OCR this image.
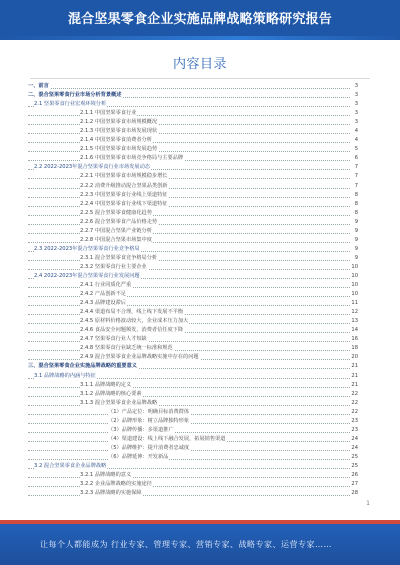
混合坚果零食企业实施品牌战略策略研究报告
内容目录
一、前言	3
二、混合坚果零食行业市场分析背景概述	3
2.1 坚果零食行业宏观环境分析	3
2.1.1 中国坚果零食行业	3
2.1.2 中国坚果零食市场规模概况	3
2.1.3 中国坚果零食市场发展现状	4
2.1.4 中国坚果零食消费者分析	4
2.1.5 中国坚果零食市场发展趋势	5
2.1.6 中国坚果零食市场竞争格局与主要品牌	6
2.2 2022-2023年混合坚果零食行业市场发展动态	7
2.2.1 中国坚果零食市场规模稳步增长	7
2.2.2 消费升级推动混合坚果品类创新	7
2.2.3 中国坚果零食行业线上渠道特征	8
2.2.4 中国坚果零食行业线下渠道特征	8
2.2.5 混合坚果零食健康化趋势	8
2.2.6 混合坚果零食产品价格走势	9
2.2.7 中国混合坚果产业链分析	9
2.2.8 中国混合坚果市场集中度	9
2.3 2022-2023年混合坚果零食行业竞争格局	9
2.3.1 混合坚果零食竞争格局分析	9
2.3.2 坚果零食行业主要企业	10
2.4 2022-2023年混合坚果零食行业发展问题	10
2.4.1 行业同质化严重	10
2.4.2 产品创新不足	10
2.4.3 品牌建设滞后	11
2.4.4 渠道布局不合理，线上线下发展不平衡	12
2.4.5 原材料价格波动较大，企业成本压力加大	13
2.4.6 食品安全问题频发，消费者信任度下降	14
2.4.7 坚果零食行业人才短缺	16
2.4.8 坚果零食行业缺乏统一标准和规范	18
2.4.9 混合坚果零食企业品牌战略实施中存在的问题	20
三、混合坚果零食企业实施品牌战略的重要意义	21
3.1 品牌战略的内涵与特征	21
3.1.1 品牌战略的定义	21
3.1.2 品牌战略的核心要素	22
3.1.3 混合坚果零食企业品牌战略	22
（1）产品定位：明确目标消费群体	22
（2）品牌形象：树立品牌独特形象	23
（3）品牌传播：多渠道推广	23
（4）渠道建设：线上线下融合发展，拓展销售渠道	24
（5）品牌维护：提升消费者忠诚度	24
（6）品牌延伸：开发新品	25
3.2 混合坚果零食企业品牌战略	25
3.2.1 品牌战略的意义	26
3.2.2 企业品牌战略的实施途径	27
3.2.3 品牌战略的实施保障	28
1
让每个人都能成为 行业专家、管理专家、营销专家、战略专家、运营专家……
